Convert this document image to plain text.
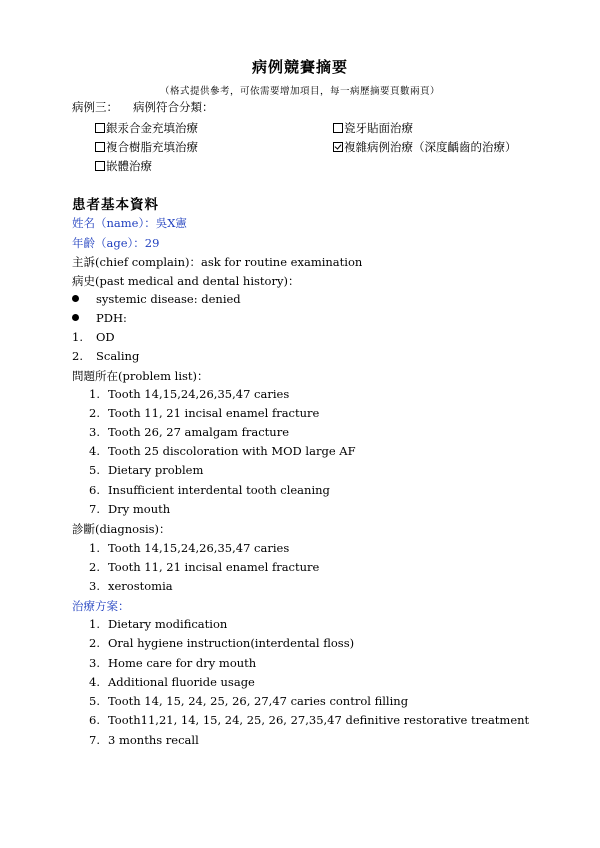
病例競賽摘要
（格式提供參考，可依需要增加項目，每一病歷摘要頁數兩頁）
病例三： 病例符合分類：
銀汞合金充填治療	瓷牙貼面治療
複合樹脂充填治療	複雜病例治療（深度齲齒的治療）
嵌體治療
患者基本資料
姓名（name）：吳X憲
年齡（age）：29
主訴(chief complain)：ask for routine examination
病史(past medical and dental history)：
systemic disease: denied
PDH:
1. OD
2. Scaling
問題所在(problem list)：
1. Tooth 14,15,24,26,35,47 caries
2. Tooth 11, 21 incisal enamel fracture
3. Tooth 26, 27 amalgam fracture
4. Tooth 25 discoloration with MOD large AF
5. Dietary problem
6. Insufficient interdental tooth cleaning
7. Dry mouth
診斷(diagnosis)：
1. Tooth 14,15,24,26,35,47 caries
2. Tooth 11, 21 incisal enamel fracture
3. xerostomia
治療方案：
1. Dietary modification
2. Oral hygiene instruction(interdental floss)
3. Home care for dry mouth
4. Additional fluoride usage
5. Tooth 14, 15, 24, 25, 26, 27,47 caries control filling
6. Tooth11,21, 14, 15, 24, 25, 26, 27,35,47 definitive restorative treatment
7. 3 months recall
